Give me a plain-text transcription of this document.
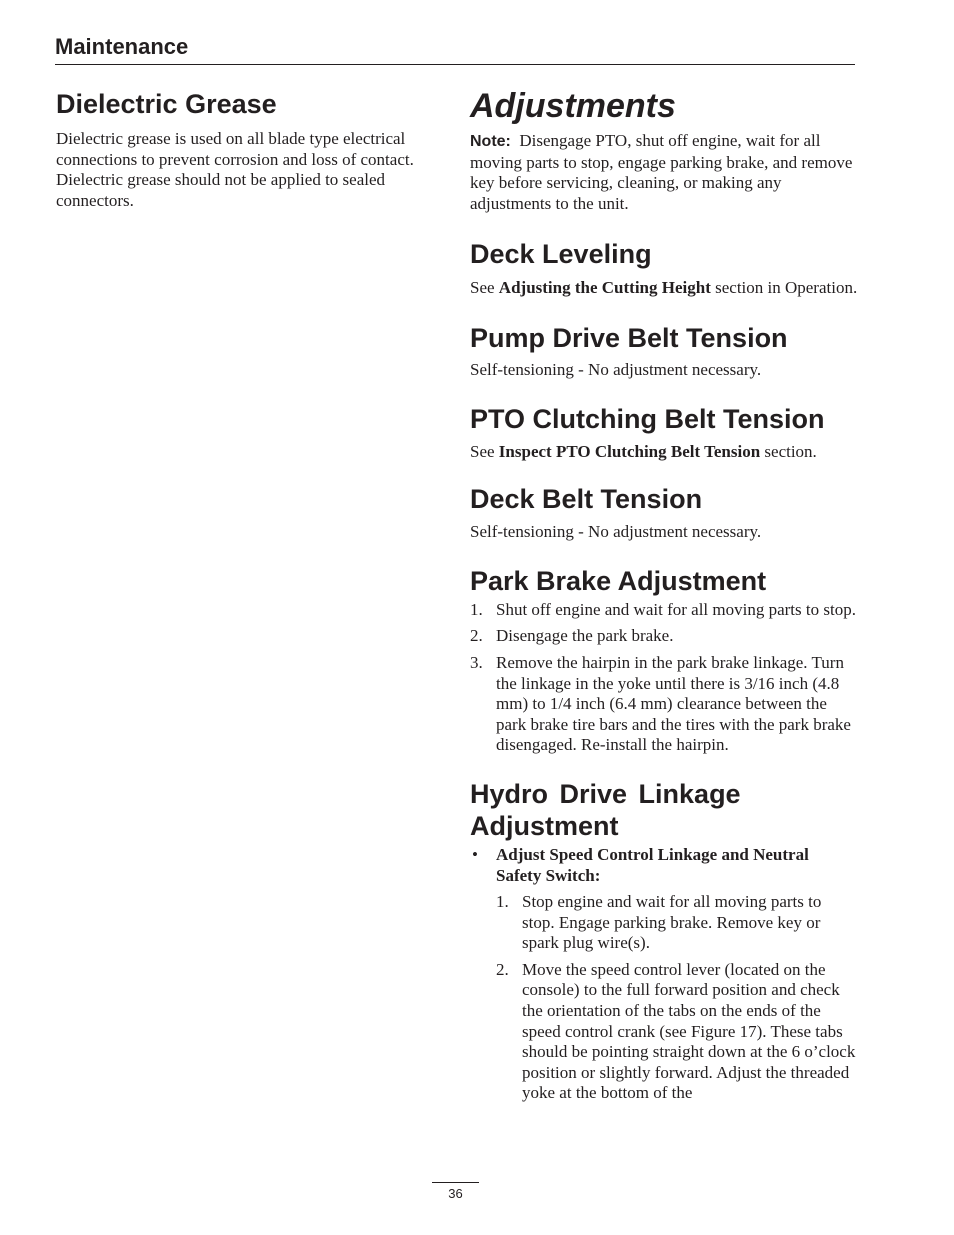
Maintenance
Dielectric Grease

Dielectric grease is used on all blade type electrical connections to prevent corrosion and loss of contact. Dielectric grease should not be applied to sealed connectors.

Adjustments

Note: Disengage PTO, shut off engine, wait for all moving parts to stop, engage parking brake, and remove key before servicing, cleaning, or making any adjustments to the unit.

Deck Leveling

See Adjusting the Cutting Height section in Operation.

Pump Drive Belt Tension

Self-tensioning - No adjustment necessary.

PTO Clutching Belt Tension

See Inspect PTO Clutching Belt Tension section.

Deck Belt Tension

Self-tensioning - No adjustment necessary.

Park Brake Adjustment
1. Shut off engine and wait for all moving parts to stop.
2. Disengage the park brake.
3. Remove the hairpin in the park brake linkage. Turn the linkage in the yoke until there is 3/16 inch (4.8 mm) to 1/4 inch (6.4 mm) clearance between the park brake tire bars and the tires with the park brake disengaged. Re-install the hairpin.
Hydro Drive Linkage
Adjustment
• Adjust Speed Control Linkage and Neutral Safety Switch:
1. Stop engine and wait for all moving parts to stop. Engage parking brake. Remove key or spark plug wire(s).
2. Move the speed control lever (located on the console) to the full forward position and check the orientation of the tabs on the ends of the speed control crank (see Figure 17). These tabs should be pointing straight down at the 6 o’clock position or slightly forward. Adjust the threaded yoke at the bottom of the
36
